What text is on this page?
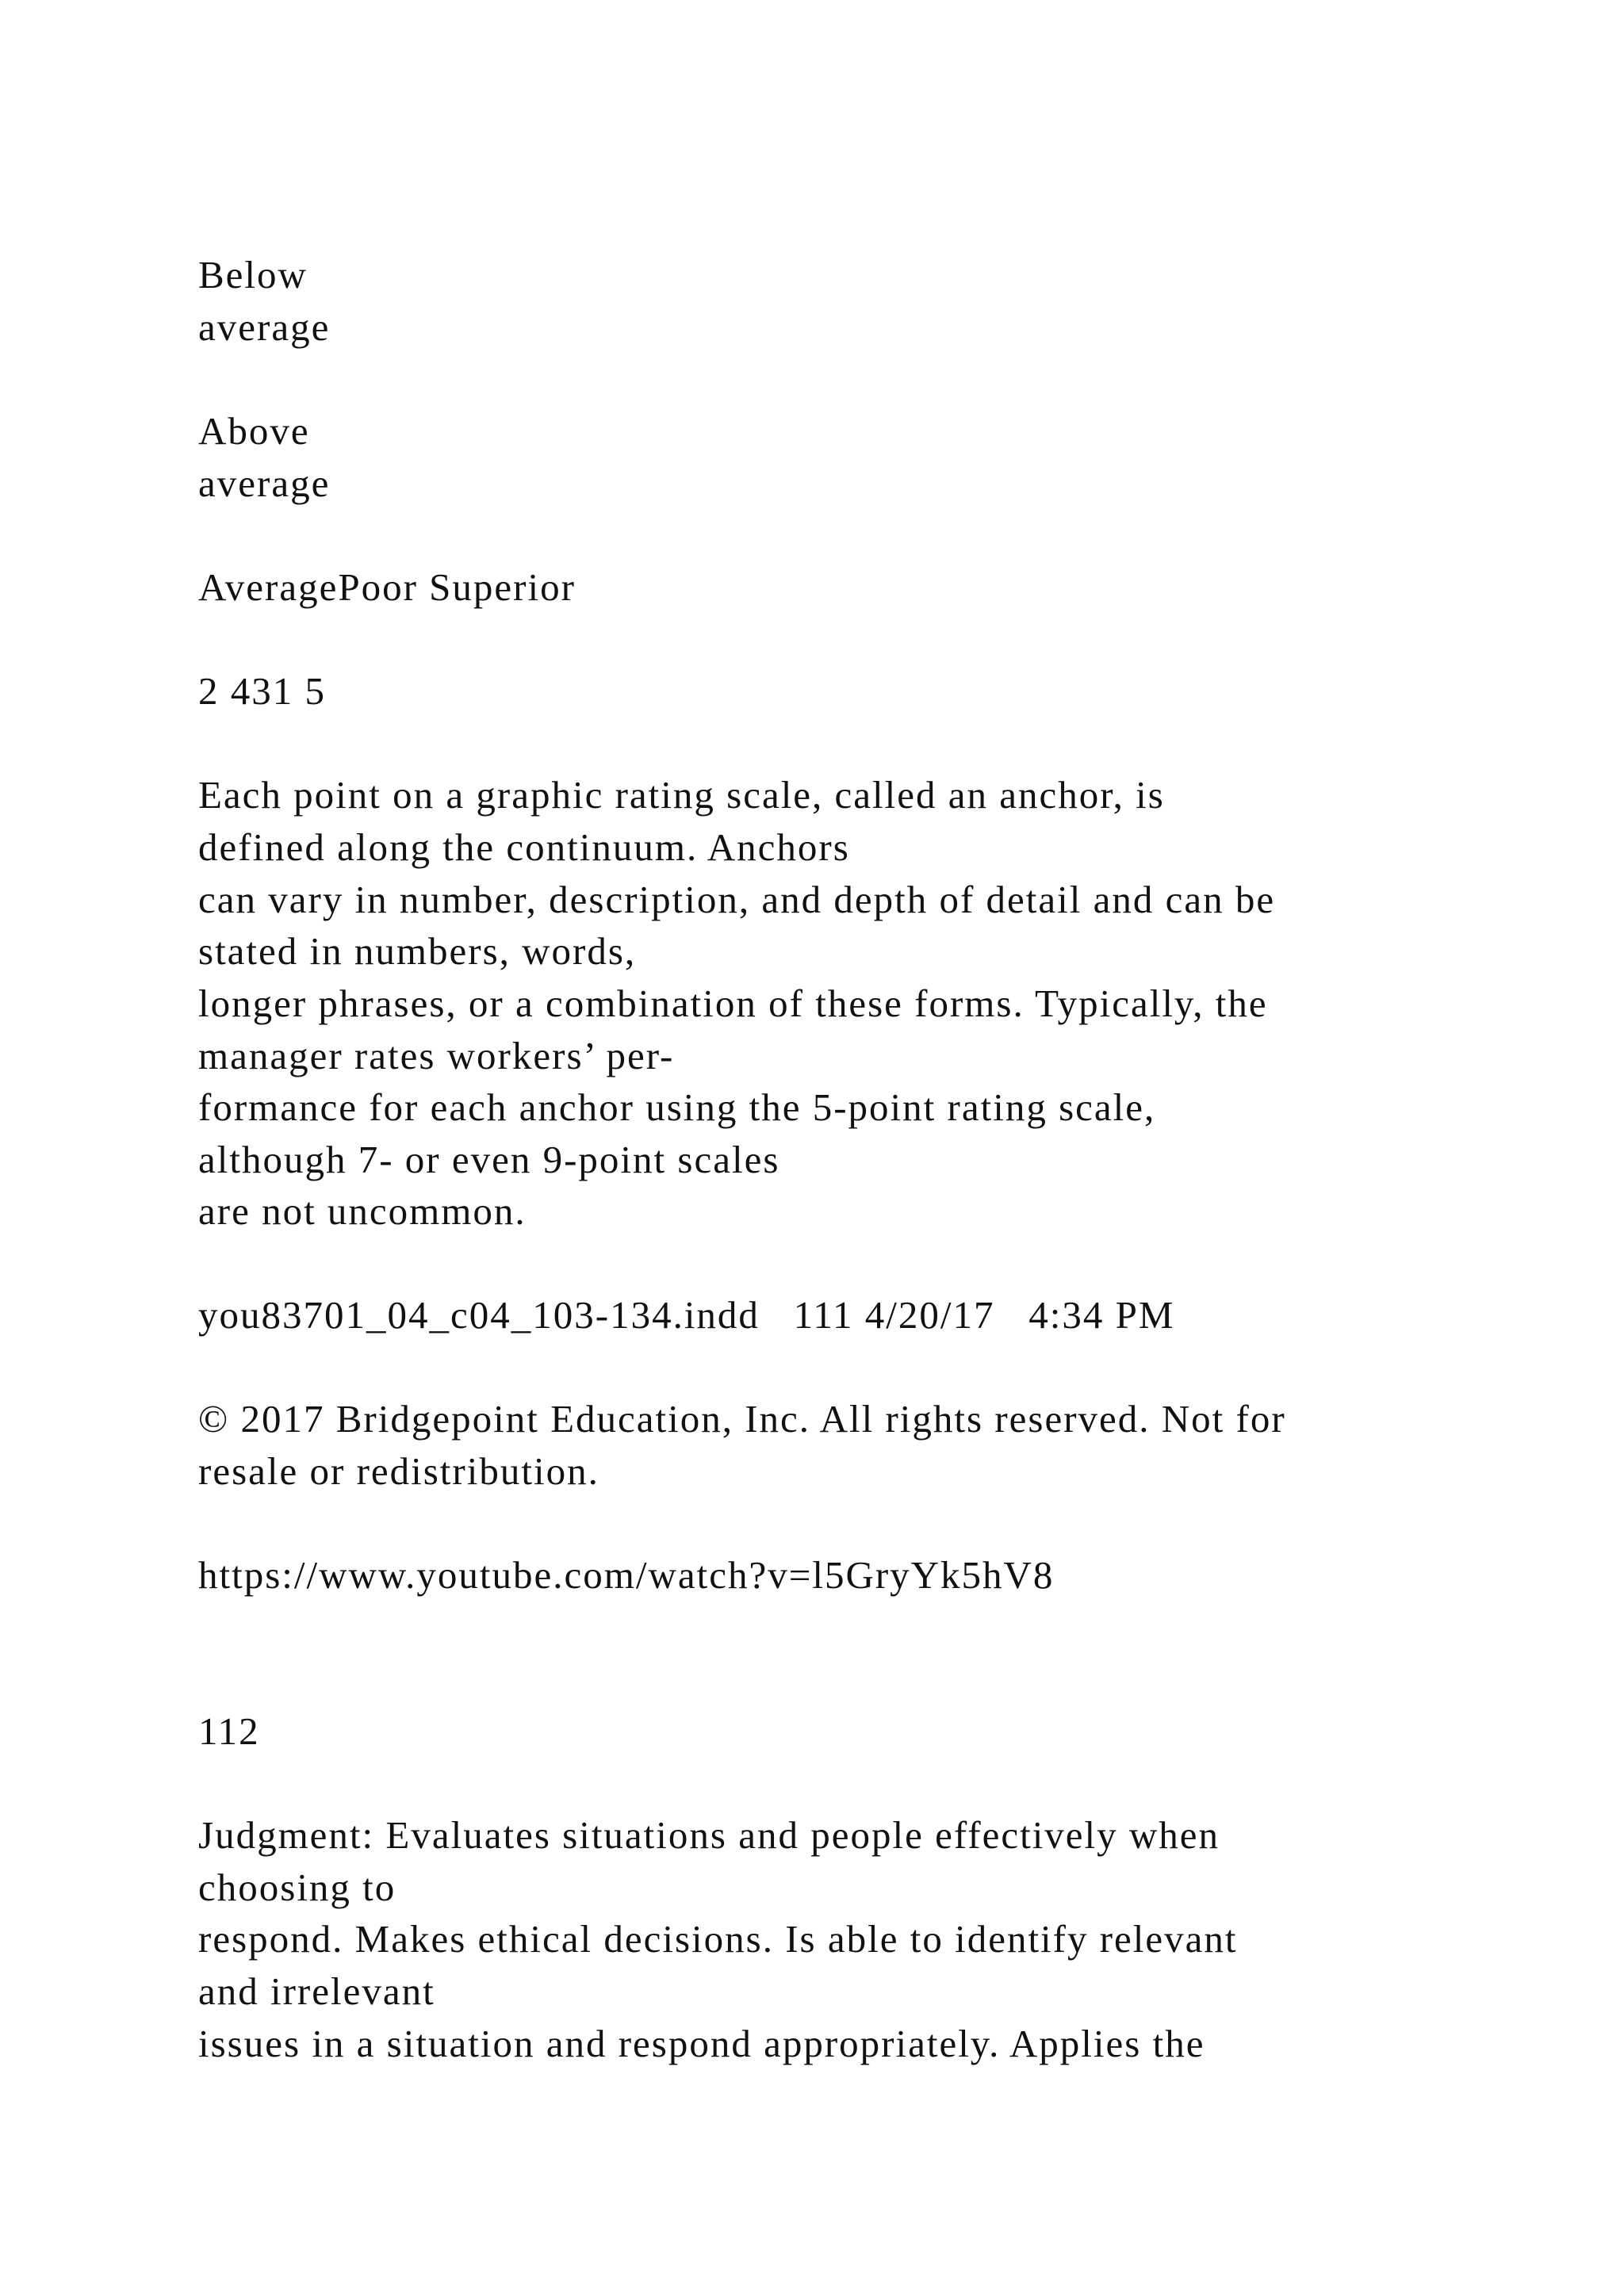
Below

average

Above

average

AveragePoor Superior

2 431 5

Each point on a graphic rating scale, called an anchor, is

defined along the continuum. Anchors

can vary in number, description, and depth of detail and can be

stated in numbers, words,

longer phrases, or a combination of these forms. Typically, the

manager rates workers’ per-

formance for each anchor using the 5-point rating scale,

although 7- or even 9-point scales

are not uncommon.

you83701_04_c04_103-134.indd   111 4/20/17   4:34 PM

© 2017 Bridgepoint Education, Inc. All rights reserved. Not for

resale or redistribution.

https://www.youtube.com/watch?v=l5GryYk5hV8

112

Judgment: Evaluates situations and people effectively when

choosing to

respond. Makes ethical decisions. Is able to identify relevant

and irrelevant

issues in a situation and respond appropriately. Applies the
